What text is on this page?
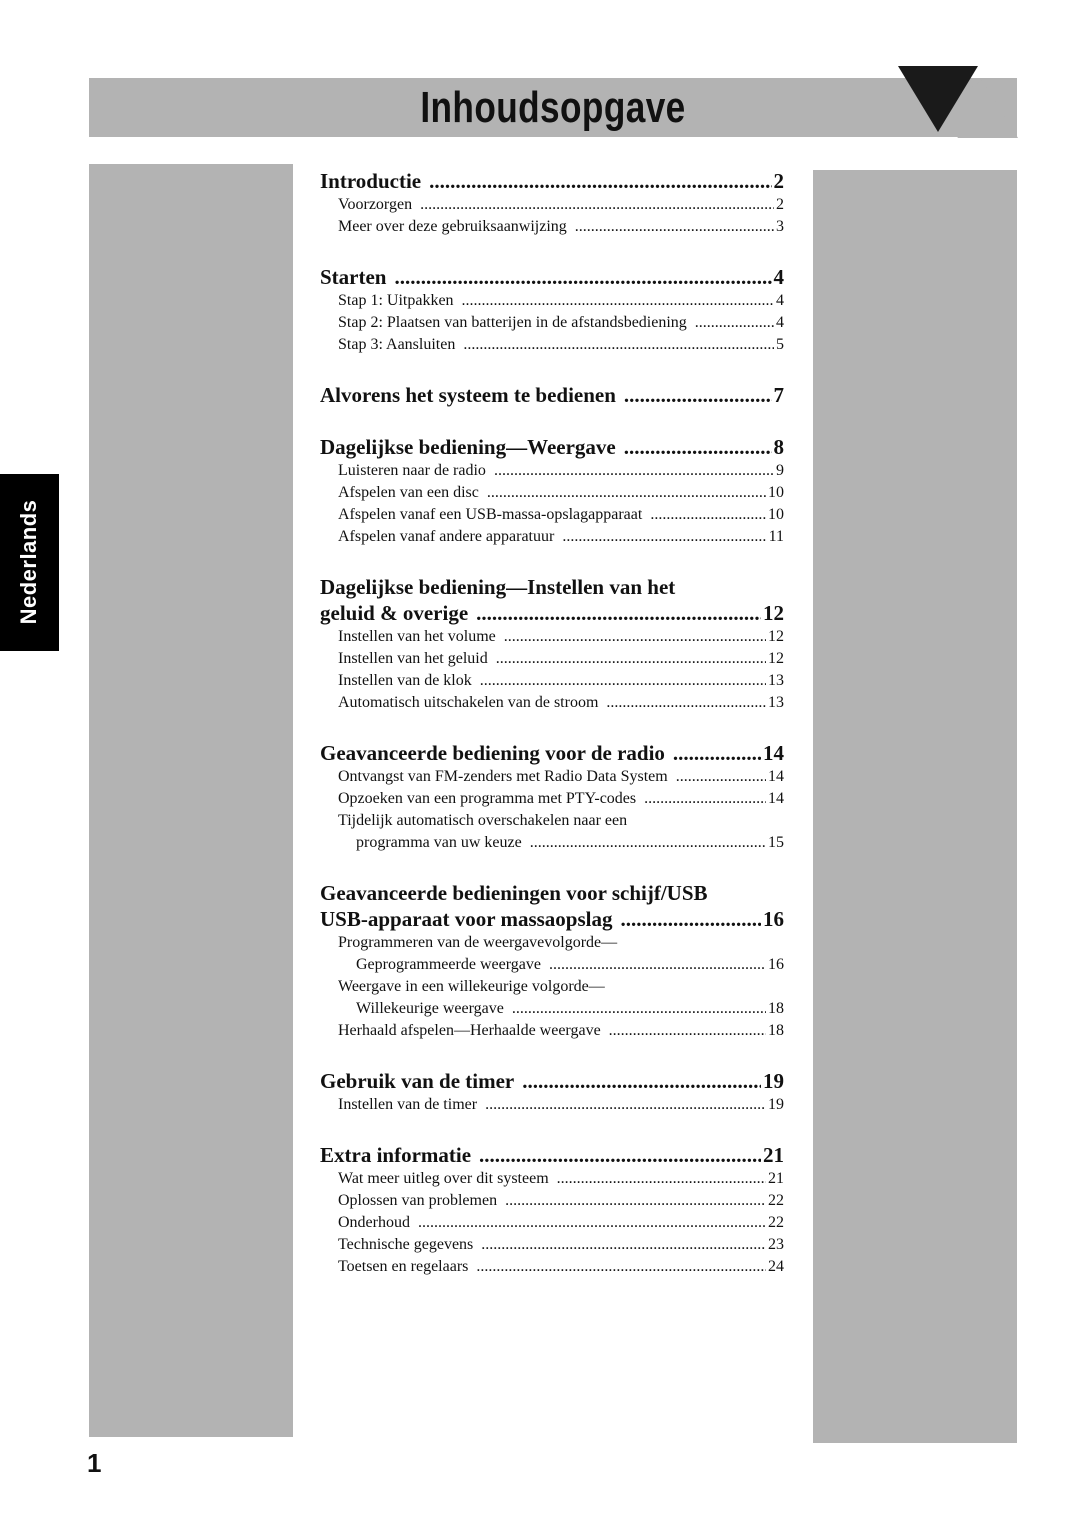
Inhoudsopgave
Nederlands
1
Introductie .....	2
Voorzorgen .....	2
Meer over deze gebruiksaanwijzing .....	3
Starten .....	4
Stap 1: Uitpakken .....	4
Stap 2: Plaatsen van batterijen in de afstandsbediening .....	4
Stap 3: Aansluiten .....	5
Alvorens het systeem te bedienen .....	7
Dagelijkse bediening—Weergave .....	8
Luisteren naar de radio .....	9
Afspelen van een disc .....	10
Afspelen vanaf een USB-massa-opslagapparaat .....	10
Afspelen vanaf andere apparatuur .....	11
Dagelijkse bediening—Instellen van het
geluid & overige .....	12
Instellen van het volume .....	12
Instellen van het geluid .....	12
Instellen van de klok .....	13
Automatisch uitschakelen van de stroom .....	13
Geavanceerde bediening voor de radio .....	14
Ontvangst van FM-zenders met Radio Data System .....	14
Opzoeken van een programma met PTY-codes .....	14
Tijdelijk automatisch overschakelen naar een
programma van uw keuze .....	15
Geavanceerde bedieningen voor schijf/USB
USB-apparaat voor massaopslag .....	16
Programmeren van de weergavevolgorde—
Geprogrammeerde weergave .....	16
Weergave in een willekeurige volgorde—
Willekeurige weergave .....	18
Herhaald afspelen—Herhaalde weergave .....	18
Gebruik van de timer .....	19
Instellen van de timer .....	19
Extra informatie .....	21
Wat meer uitleg over dit systeem .....	21
Oplossen van problemen .....	22
Onderhoud .....	22
Technische gegevens .....	23
Toetsen en regelaars .....	24
